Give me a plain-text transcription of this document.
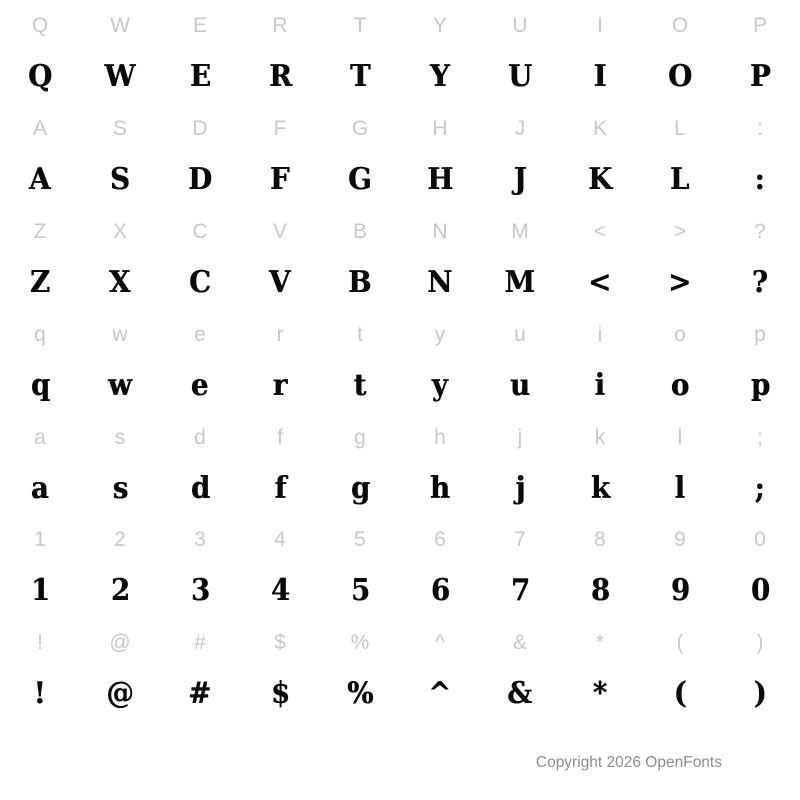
Q	W	E	R	T	Y	U	I	O	P
Q W E R T Y U I O P
A	S	D	F	G	H	J	K	L	:
A S D F G H J K L :
Z	X	C	V	B	N	M	<	>	?
Z X C V B N M < > ?
q	w	e	r	t	y	u	i	o	p
q w e r t y u i o p
a	s	d	f	g	h	j	k	l	;
a s d f g h j k l ;
1	2	3	4	5	6	7	8	9	0
1 2 3 4 5 6 7 8 9 0
!	@	#	$	%	^	&	*	(	)
! @ # $ % ^ & * ( )
Copyright 2026 OpenFonts
